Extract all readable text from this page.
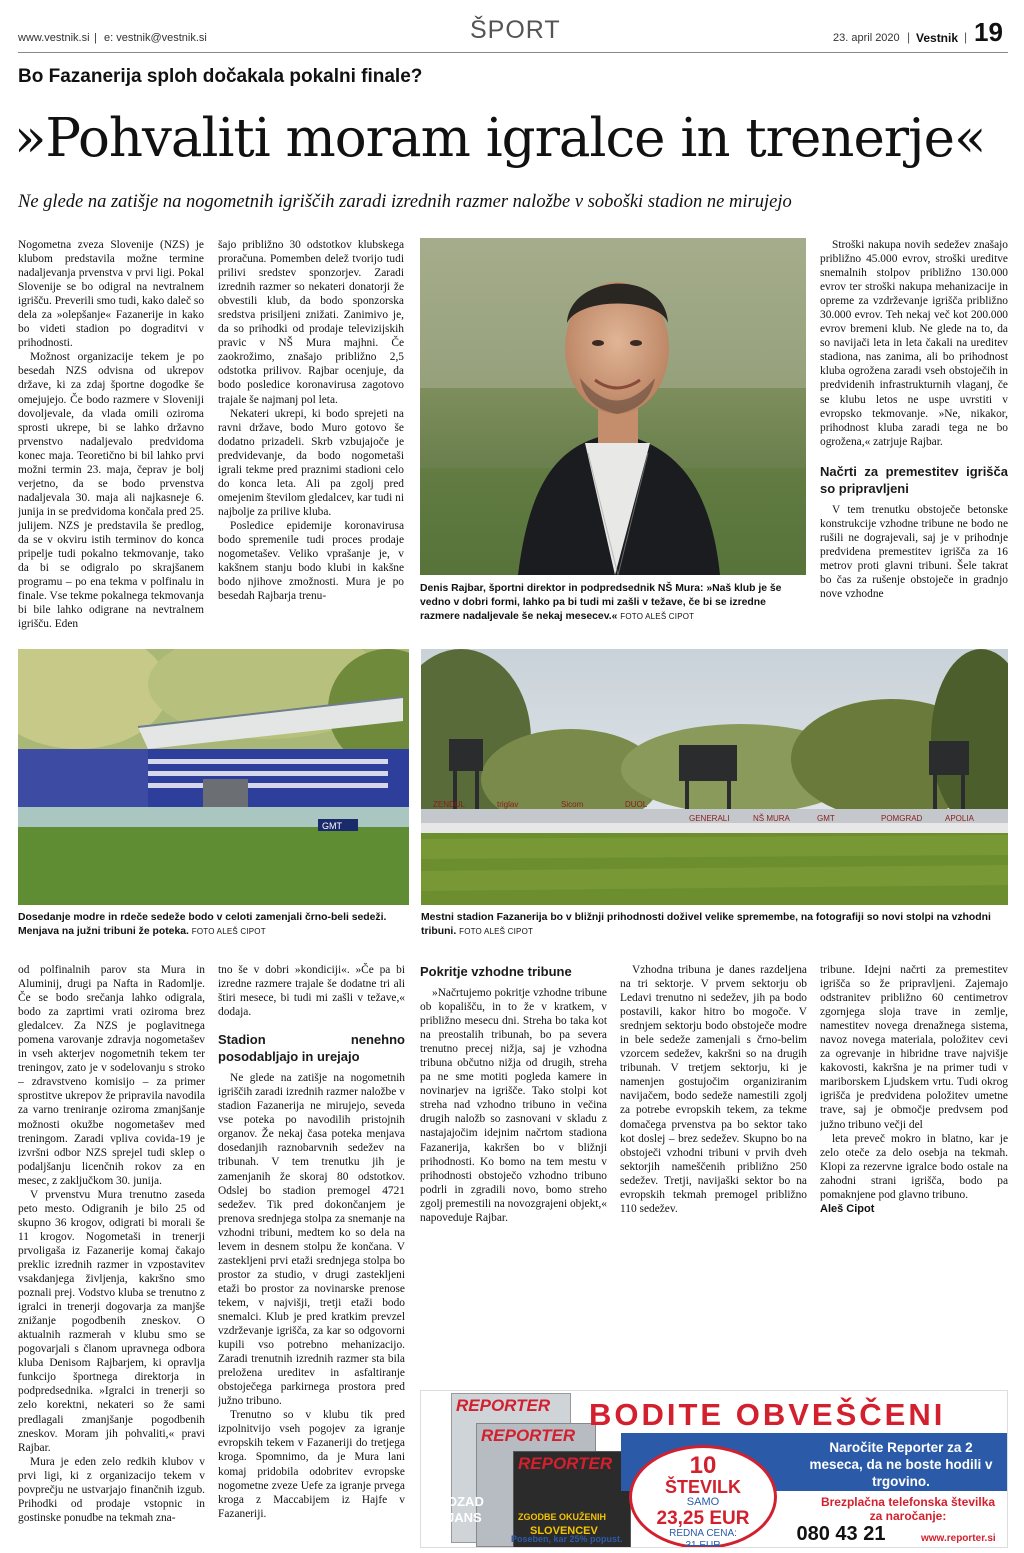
www.vestnik.si | e: vestnik@vestnik.si	ŠPORT	23. april 2020 | Vestnik | 19
Bo Fazanerija sploh dočakala pokalni finale?
»Pohvaliti moram igralce in trenerje«
Ne glede na zatišje na nogometnih igriščih zaradi izrednih razmer naložbe v soboški stadion ne mirujejo

Nogometna zveza Slovenije (NZS) je klubom predstavila možne termine nadaljevanja prvenstva v prvi ligi. Pokal Slovenije se bo odigral na nevtralnem igrišču. Preverili smo tudi, kako daleč so dela za »olepšanje« Fazanerije in kako bo videti stadion po dograditvi v prihodnosti.

Možnost organizacije tekem je po besedah NZS odvisna od ukrepov države, ki za zdaj športne dogodke še omejujejo. Če bodo razmere v Sloveniji dovoljevale, da vlada omili oziroma sprosti ukrepe, bi se lahko državno prvenstvo nadaljevalo predvidoma konec maja. Teoretično bi bil lahko prvi možni termin 23. maja, čeprav je bolj verjetno, da se bodo prvenstva nadaljevala 30. maja ali najkasneje 6. junija in se predvidoma končala pred 25. julijem. NZS je predstavila še predlog, da se v okviru istih terminov do konca pripelje tudi pokalno tekmovanje, tako da bi se odigralo po skrajšanem programu – po ena tekma v polfinalu in finale. Vse tekme pokalnega tekmovanja bi bile lahko odigrane na nevtralnem igrišču. Eden

šajo približno 30 odstotkov klubskega proračuna. Pomemben delež tvorijo tudi prilivi sredstev sponzorjev. Zaradi izrednih razmer so nekateri donatorji že obvestili klub, da bodo sponzorska sredstva prisiljeni znižati. Zanimivo je, da so prihodki od prodaje televizijskih pravic v NŠ Mura majhni. Če zaokrožimo, znašajo približno 2,5 odstotka prilivov. Rajbar ocenjuje, da bodo posledice koronavirusa zagotovo trajale še najmanj pol leta.

Nekateri ukrepi, ki bodo sprejeti na ravni države, bodo Muro gotovo še dodatno prizadeli. Skrb vzbujajoče je predvidevanje, da bodo nogometaši igrali tekme pred praznimi stadioni celo do konca leta. Ali pa zgolj pred omejenim številom gledalcev, kar tudi ni najbolje za prilive kluba.

Posledice epidemije koronavirusa bodo spremenile tudi proces prodaje nogometašev. Veliko vprašanje je, v kakšnem stanju bodo klubi in kakšne bodo njihove zmožnosti. Mura je po besedah Rajbarja trenu-

Stroški nakupa novih sedežev znašajo približno 45.000 evrov, stroški ureditve snemalnih stolpov približno 130.000 evrov ter stroški nakupa mehanizacije in opreme za vzdrževanje igrišča približno 30.000 evrov. Teh nekaj več kot 200.000 evrov bremeni klub. Ne glede na to, da so navijači leta in leta čakali na ureditev stadiona, nas zanima, ali bo prihodnost kluba ogrožena zaradi vseh obstoječih in predvidenih infrastrukturnih vlaganj, če se klubu letos ne uspe uvrstiti v evropsko tekmovanje. »Ne, nikakor, prihodnost kluba zaradi tega ne bo ogrožena,« zatrjuje Rajbar.

Načrti za premestitev igrišča so pripravljeni

V tem trenutku obstoječe betonske konstrukcije vzhodne tribune ne bodo ne rušili ne dograjevali, saj je v prihodnje predvidena premestitev igrišča za 16 metrov proti glavni tribuni. Šele takrat bo čas za rušenje obstoječe in gradnjo nove vzhodne

Denis Rajbar, športni direktor in podpredsednik NŠ Mura: »Naš klub je še vedno v dobri formi, lahko pa bi tudi mi zašli v težave, če bi se izredne razmere nadaljevale še nekaj mesecev.« FOTO ALEŠ CIPOT
GMT
ZENDUL	triglav	Sicom	DUOL
GENERALI	NŠ MURA	GMT	POMGRAD	APOLIA
Dosedanje modre in rdeče sedeže bodo v celoti zamenjali črno-beli sedeži. Menjava na južni tribuni že poteka. FOTO ALEŠ CIPOT
Mestni stadion Fazanerija bo v bližnji prihodnosti doživel velike spremembe, na fotografiji so novi stolpi na vzhodni tribuni. FOTO ALEŠ CIPOT

od polfinalnih parov sta Mura in Aluminij, drugi pa Nafta in Radomlje. Če se bodo srečanja lahko odigrala, bodo za zaprtimi vrati oziroma brez gledalcev. Za NZS je poglavitnega pomena varovanje zdravja nogometašev in vseh akterjev nogometnih tekem ter treningov, zato je v sodelovanju s stroko – zdravstveno komisijo – za primer sprostitve ukrepov že pripravila navodila za varno treniranje oziroma zmanjšanje možnosti okužbe nogometašev med treningom. Zaradi vpliva covida-19 je izvršni odbor NZS sprejel tudi sklep o podaljšanju licenčnih rokov za en mesec, z zaključkom 30. junija.

V prvenstvu Mura trenutno zaseda peto mesto. Odigranih je bilo 25 od skupno 36 krogov, odigrati bi morali še 11 krogov. Nogometaši in trenerji prvoligaša iz Fazanerije komaj čakajo preklic izrednih razmer in vzpostavitev vsakdanjega življenja, kakršno smo poznali prej. Vodstvo kluba se trenutno z igralci in trenerji dogovarja za manjše znižanje pogodbenih zneskov. O aktualnih razmerah v klubu smo se pogovarjali s članom upravnega odbora kluba Denisom Rajbarjem, ki opravlja funkcijo športnega direktorja in podpredsednika. »Igralci in trenerji so zelo korektni, nekateri so že sami predlagali zmanjšanje pogodbenih zneskov. Moram jih pohvaliti,« pravi Rajbar.

Mura je eden zelo redkih klubov v prvi ligi, ki z organizacijo tekem v povprečju ne ustvarjajo finančnih izgub. Prihodki od prodaje vstopnic in gostinske ponudbe na tekmah zna-

tno še v dobri »kondiciji«. »Če pa bi izredne razmere trajale še dodatne tri ali štiri mesece, bi tudi mi zašli v težave,« dodaja.

Stadion nenehno posodabljajo in urejajo

Ne glede na zatišje na nogometnih igriščih zaradi izrednih razmer naložbe v stadion Fazanerija ne mirujejo, seveda vse poteka po navodilih pristojnih organov. Že nekaj časa poteka menjava dosedanjih raznobarvnih sedežev na tribunah. V tem trenutku jih je zamenjanih že skoraj 80 odstotkov. Odslej bo stadion premogel 4721 sedežev. Tik pred dokončanjem je prenova srednjega stolpa za snemanje na vzhodni tribuni, medtem ko so dela na levem in desnem stolpu že končana. V zastekljeni prvi etaži srednjega stolpa bo prostor za studio, v drugi zastekljeni etaži bo prostor za novinarske prenose tekem, v najvišji, tretji etaži bodo snemalci. Klub je pred kratkim prevzel vzdrževanje igrišča, za kar so odgovorni kupili vso potrebno mehanizacijo. Zaradi trenutnih izrednih razmer sta bila preložena ureditev in asfaltiranje obstoječega parkirnega prostora pred južno tribuno.

Trenutno so v klubu tik pred izpolnitvijo vseh pogojev za igranje evropskih tekem v Fazaneriji do tretjega kroga. Spomnimo, da je Mura lani komaj pridobila odobritev evropske nogometne zveze Uefe za igranje prvega kroga z Maccabijem iz Hajfe v Fazaneriji.

Pokritje vzhodne tribune

»Načrtujemo pokritje vzhodne tribune ob kopališču, in to že v kratkem, v približno mesecu dni. Streha bo taka kot na preostalih tribunah, bo pa severa trenutno precej nižja, saj je vzhodna tribuna občutno nižja od drugih, streha pa ne sme motiti pogleda kamere in novinarjev na igrišče. Tako stolpi kot streha nad vzhodno tribuno in večina drugih naložb so zasnovani v skladu z nastajajočim idejnim načrtom stadiona Fazanerija, kakršen bo v bližnji prihodnosti. Ko bomo na tem mestu v prihodnosti obstoječo vzhodno tribuno podrli in zgradili novo, bomo streho zgolj premestili na novozgrajeni objekt,« napoveduje Rajbar.

Vzhodna tribuna je danes razdeljena na tri sektorje. V prvem sektorju ob Ledavi trenutno ni sedežev, jih pa bodo postavili, kakor hitro bo mogoče. V srednjem sektorju bodo obstoječe modre in bele sedeže zamenjali s črno-belim vzorcem sedežev, kakršni so na drugih tribunah. V tretjem sektorju, ki je namenjen gostujočim organiziranim navijačem, bodo sedeže namestili zgolj za potrebe evropskih tekem, za tekme domačega prvenstva pa bo sektor tako kot doslej – brez sedežev. Skupno bo na obstoječi vzhodni tribuni v prvih dveh sektorjih nameščenih približno 250 sedežev. Tretji, navijaški sektor bo na evropskih tekmah premogel približno 110 sedežev.

tribune. Idejni načrti za premestitev igrišča so že pripravljeni. Zajemajo odstranitev približno 60 centimetrov zgornjega sloja trave in zemlje, namestitev novega drenažnega sistema, navoz novega materiala, položitev cevi za ogrevanje in hibridne trave najvišje kakovosti, kakršna je na primer tudi v mariborskem Ljudskem vrtu. Tudi okrog igrišča je predvidena položitev umetne trave, saj je območje predvsem pod južno tribuno večji del

leta preveč mokro in blatno, kar je zelo oteče za delo osebja na tekmah. Klopi za rezervne igralce bodo ostale na zahodni strani igrišča, bodo pa pomaknjene pod glavno tribuno.

Aleš Cipot

REPORTER
REPORTER
OZAD
JANS
REPORTER
ZGODBE OKUŽENIH
SLOVENCEV
BODITE OBVEŠČENI
Naročite Reporter za 2 meseca, da ne boste hodili v trgovino.
10
ŠTEVILK
SAMO
23,25 EUR
REDNA CENA:
31 EUR
Brezplačna telefonska številka za naročanje:
080 43 21
Poseben, kar 25% popust.	www.reporter.si
